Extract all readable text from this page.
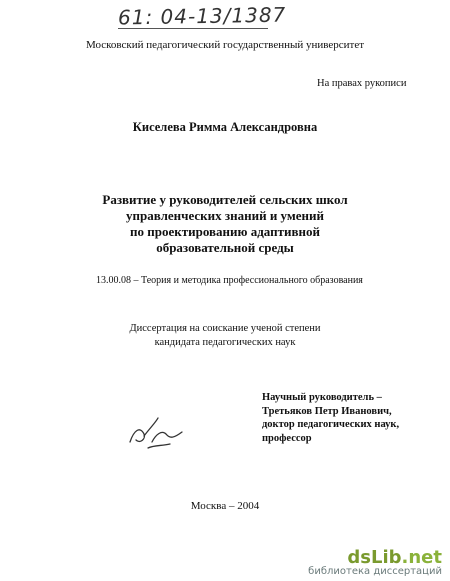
61: 04-13/1387
Московский педагогический государственный университет
На правах рукописи
Киселева Римма Александровна
Развитие у руководителей сельских школ
управленческих знаний и умений
по проектированию адаптивной
образовательной среды
13.00.08 – Теория и методика профессионального образования
Диссертация на соискание ученой степени
кандидата педагогических наук
Научный руководитель –
Третьяков Петр Иванович,
доктор педагогических наук,
профессор
Москва – 2004
dsLib.net
библиотека диссертаций
